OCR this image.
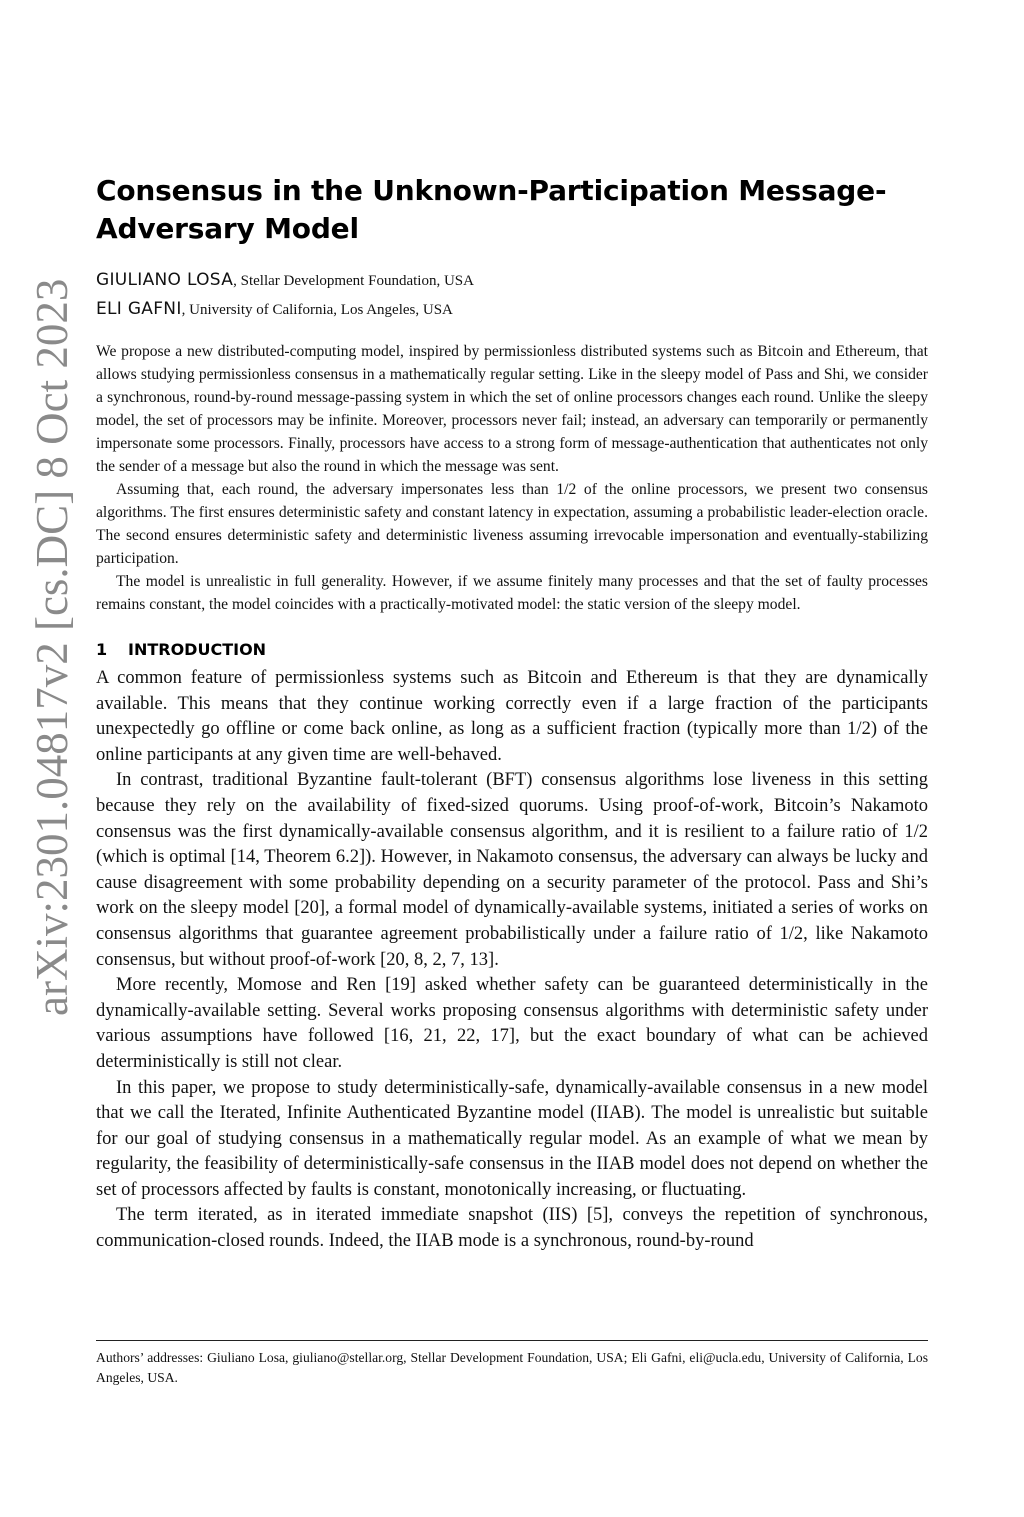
arXiv:2301.04817v2 [cs.DC] 8 Oct 2023
Consensus in the Unknown-Participation Message-Adversary Model
GIULIANO LOSA, Stellar Development Foundation, USA
ELI GAFNI, University of California, Los Angeles, USA

We propose a new distributed-computing model, inspired by permissionless distributed systems such as Bitcoin and Ethereum, that allows studying permissionless consensus in a mathematically regular setting. Like in the sleepy model of Pass and Shi, we consider a synchronous, round-by-round message-passing system in which the set of online processors changes each round. Unlike the sleepy model, the set of processors may be infinite. Moreover, processors never fail; instead, an adversary can temporarily or permanently impersonate some processors. Finally, processors have access to a strong form of message-authentication that authenticates not only the sender of a message but also the round in which the message was sent.

Assuming that, each round, the adversary impersonates less than 1/2 of the online processors, we present two consensus algorithms. The first ensures deterministic safety and constant latency in expectation, assuming a probabilistic leader-election oracle. The second ensures deterministic safety and deterministic liveness assuming irrevocable impersonation and eventually-stabilizing participation.

The model is unrealistic in full generality. However, if we assume finitely many processes and that the set of faulty processes remains constant, the model coincides with a practically-motivated model: the static version of the sleepy model.

1 INTRODUCTION

A common feature of permissionless systems such as Bitcoin and Ethereum is that they are dynamically available. This means that they continue working correctly even if a large fraction of the participants unexpectedly go offline or come back online, as long as a sufficient fraction (typically more than 1/2) of the online participants at any given time are well-behaved.

In contrast, traditional Byzantine fault-tolerant (BFT) consensus algorithms lose liveness in this setting because they rely on the availability of fixed-sized quorums. Using proof-of-work, Bitcoin’s Nakamoto consensus was the first dynamically-available consensus algorithm, and it is resilient to a failure ratio of 1/2 (which is optimal [14, Theorem 6.2]). However, in Nakamoto consensus, the adversary can always be lucky and cause disagreement with some probability depending on a security parameter of the protocol. Pass and Shi’s work on the sleepy model [20], a formal model of dynamically-available systems, initiated a series of works on consensus algorithms that guarantee agreement probabilistically under a failure ratio of 1/2, like Nakamoto consensus, but without proof-of-work [20, 8, 2, 7, 13].

More recently, Momose and Ren [19] asked whether safety can be guaranteed deterministically in the dynamically-available setting. Several works proposing consensus algorithms with deterministic safety under various assumptions have followed [16, 21, 22, 17], but the exact boundary of what can be achieved deterministically is still not clear.

In this paper, we propose to study deterministically-safe, dynamically-available consensus in a new model that we call the Iterated, Infinite Authenticated Byzantine model (IIAB). The model is unrealistic but suitable for our goal of studying consensus in a mathematically regular model. As an example of what we mean by regularity, the feasibility of deterministically-safe consensus in the IIAB model does not depend on whether the set of processors affected by faults is constant, monotonically increasing, or fluctuating.

The term iterated, as in iterated immediate snapshot (IIS) [5], conveys the repetition of synchronous, communication-closed rounds. Indeed, the IIAB mode is a synchronous, round-by-round

Authors’ addresses: Giuliano Losa, giuliano@stellar.org, Stellar Development Foundation, USA; Eli Gafni, eli@ucla.edu, University of California, Los Angeles, USA.
